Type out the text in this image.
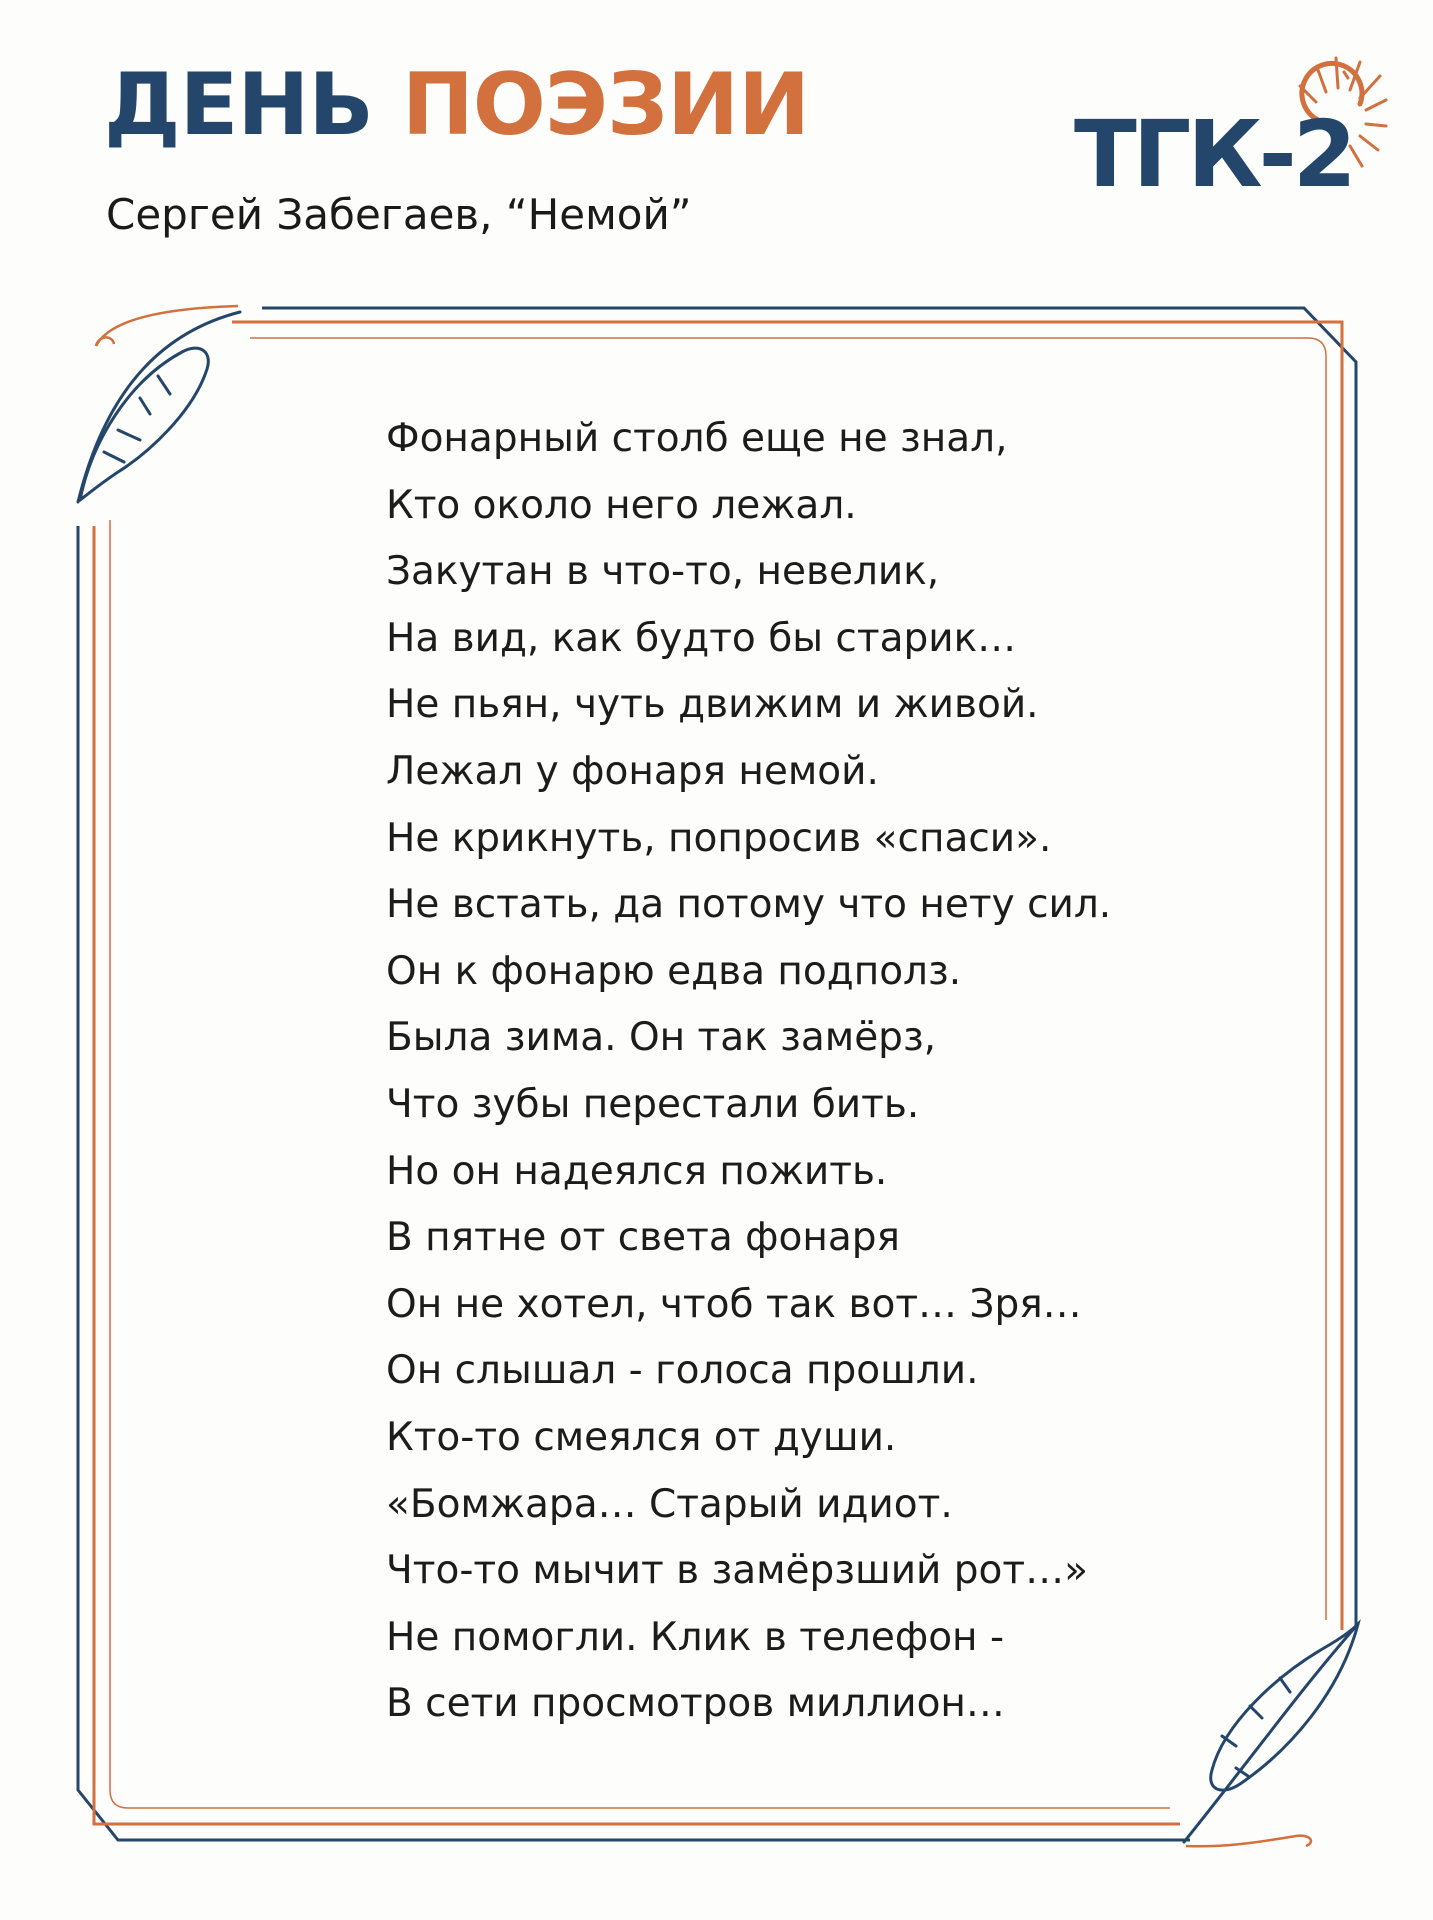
ДЕНЬ ПОЭЗИИ

Сергей Забегаев, “Немой”

ТГК-2
Фонарный столб еще не знал,
Кто около него лежал.
Закутан в что-то, невелик,
На вид, как будто бы старик…
Не пьян, чуть движим и живой.
Лежал у фонаря немой.
Не крикнуть, попросив «спаси».
Не встать, да потому что нету сил.
Он к фонарю едва подполз.
Была зима. Он так замёрз,
Что зубы перестали бить.
Но он надеялся пожить.
В пятне от света фонаря
Он не хотел, чтоб так вот… Зря…
Он слышал - голоса прошли.
Кто-то смеялся от души.
«Бомжара… Старый идиот.
Что-то мычит в замёрзший рот…»
Не помогли. Клик в телефон -
В сети просмотров миллион…
